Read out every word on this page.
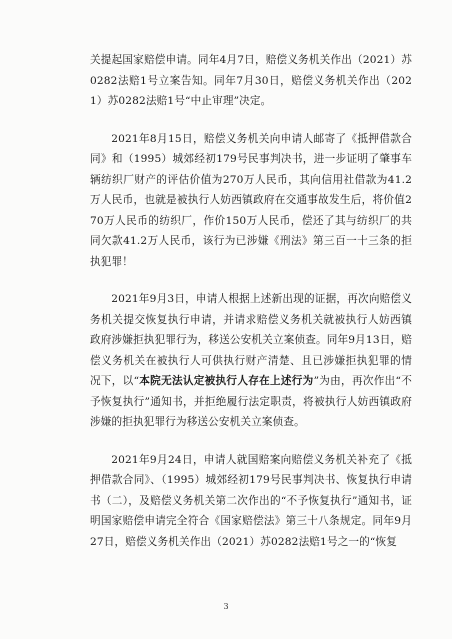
关提起国家赔偿申请。同年4月7日，赔偿义务机关作出（2021）苏0282法赔1号立案告知。同年7月30日，赔偿义务机关作出（2021）苏0282法赔1号“中止审理”决定。

2021年8月15日，赔偿义务机关向申请人邮寄了《抵押借款合同》和（1995）城郊经初179号民事判决书，进一步证明了肇事车辆纺织厂财产的评估价值为270万人民币，其向信用社借款为41.2万人民币，也就是被执行人妨西镇政府在交通事故发生后，将价值270万人民币的纺织厂，作价150万人民币，偿还了其与纺织厂的共同欠款41.2万人民币，该行为已涉嫌《刑法》第三百一十三条的拒执犯罪！

2021年9月3日，申请人根据上述新出现的证据，再次向赔偿义务机关提交恢复执行申请，并请求赔偿义务机关就被执行人妨西镇政府涉嫌拒执犯罪行为，移送公安机关立案侦查。同年9月13日，赔偿义务机关在被执行人可供执行财产清楚、且已涉嫌拒执犯罪的情况下，以“本院无法认定被执行人存在上述行为”为由，再次作出“不予恢复执行”通知书，并拒绝履行法定职责，将被执行人妨西镇政府涉嫌的拒执犯罪行为移送公安机关立案侦查。

2021年9月24日，申请人就国赔案向赔偿义务机关补充了《抵押借款合同》、（1995）城郊经初179号民事判决书、恢复执行申请书（二），及赔偿义务机关第二次作出的“不予恢复执行”通知书，证明国家赔偿申请完全符合《国家赔偿法》第三十八条规定。同年9月27日，赔偿义务机关作出（2021）苏0282法赔1号之一的“恢复

3
